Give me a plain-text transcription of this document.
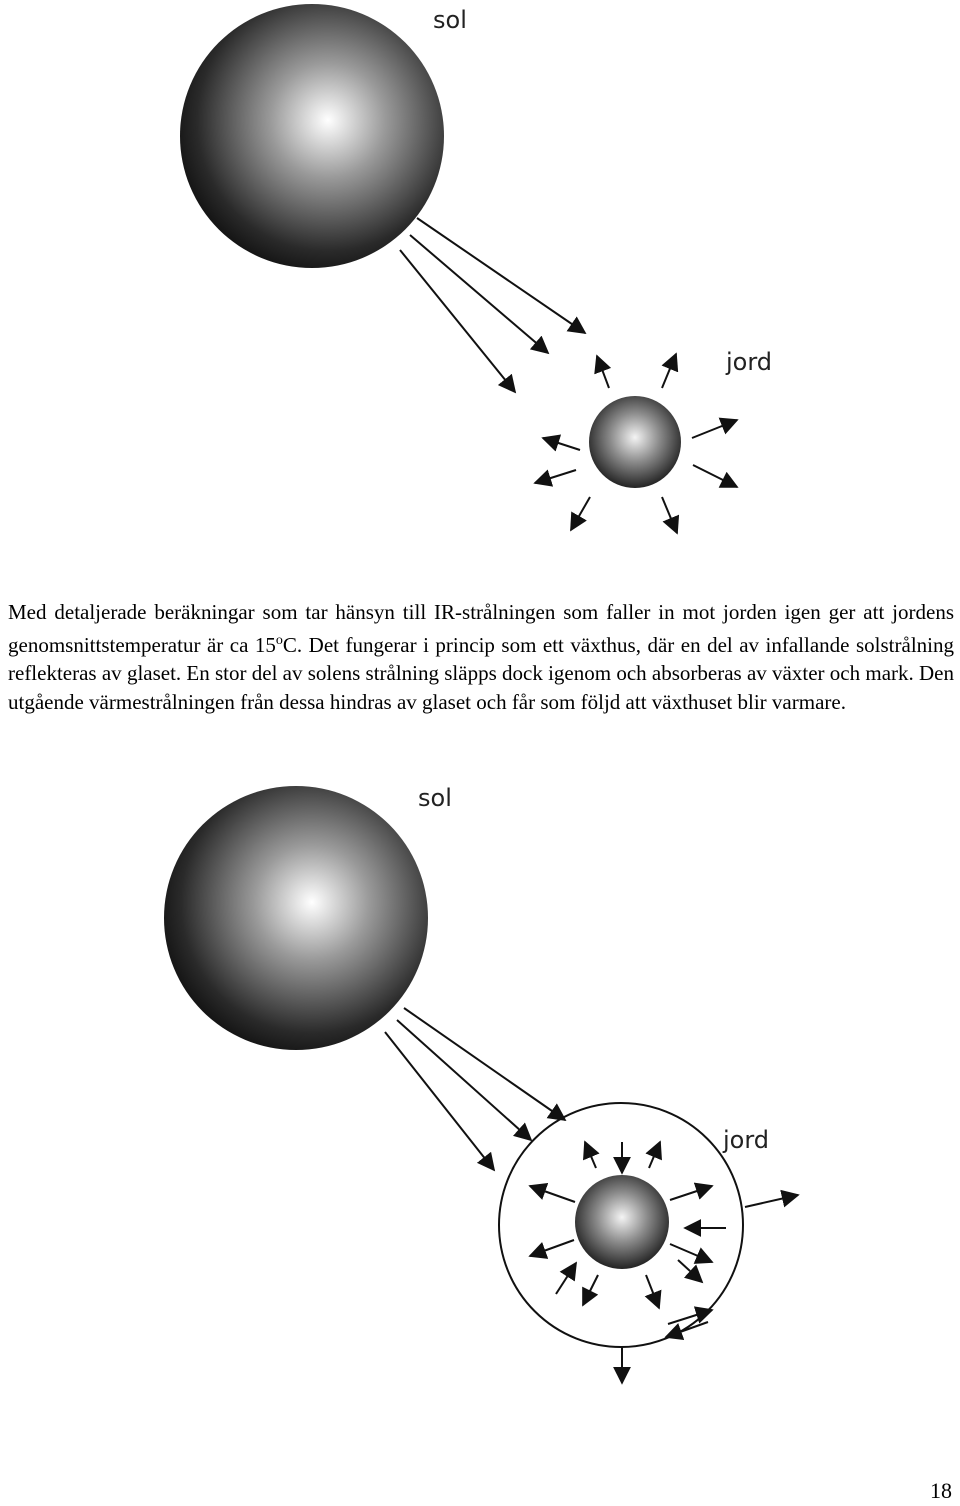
sol
jord

Med detaljerade beräkningar som tar hänsyn till IR-strålningen som faller in mot jorden igen ger att jordens genomsnittstemperatur är ca 15$^o$C. Det fungerar i princip som ett växthus, där en del av infallande solstrålning reflekteras av glaset. En stor del av solens strålning släpps dock igenom och absorberas av växter och mark. Den utgående värmestrålningen från dessa hindras av glaset och får som följd att växthuset blir varmare.

sol
jord
18
